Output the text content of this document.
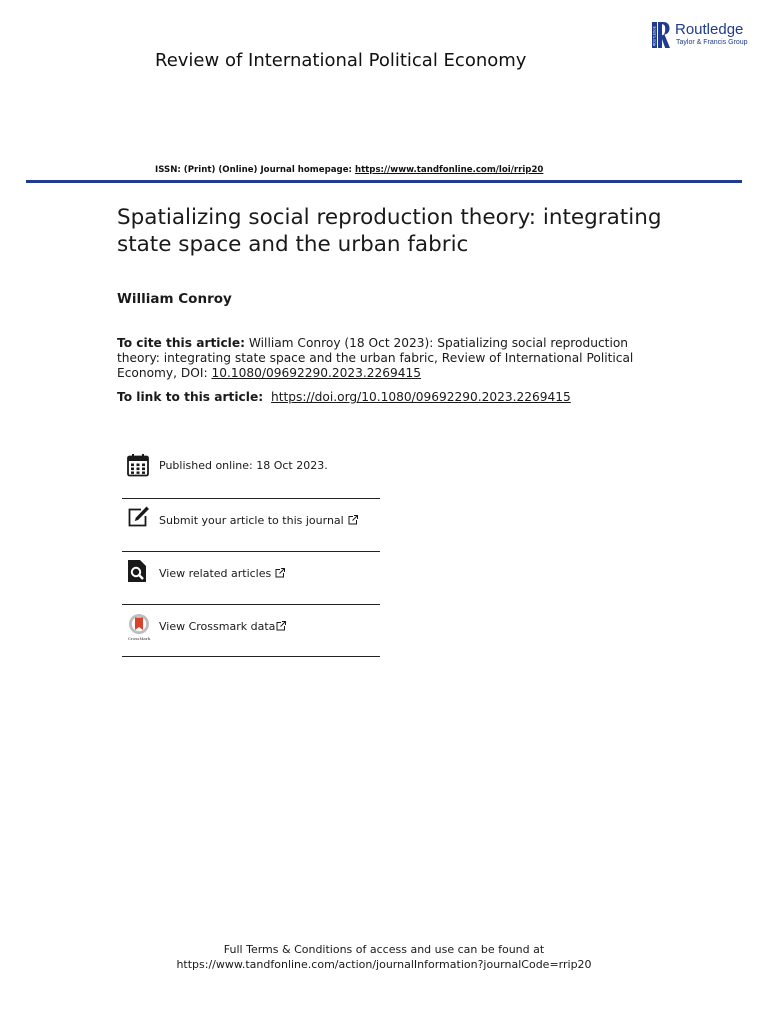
Review of International Political Economy
ROUTLEDGE Routledge
Taylor & Francis Group
ISSN: (Print) (Online) Journal homepage: https://www.tandfonline.com/loi/rrip20
Spatializing social reproduction theory: integrating state space and the urban fabric
William Conroy
To cite this article: William Conroy (18 Oct 2023): Spatializing social reproduction theory: integrating state space and the urban fabric, Review of International Political Economy, DOI: 10.1080/09692290.2023.2269415
To link to this article: https://doi.org/10.1080/09692290.2023.2269415
Published online: 18 Oct 2023.
Submit your article to this journal
View related articles
CrossMark
View Crossmark data
Full Terms & Conditions of access and use can be found at
https://www.tandfonline.com/action/journalInformation?journalCode=rrip20
